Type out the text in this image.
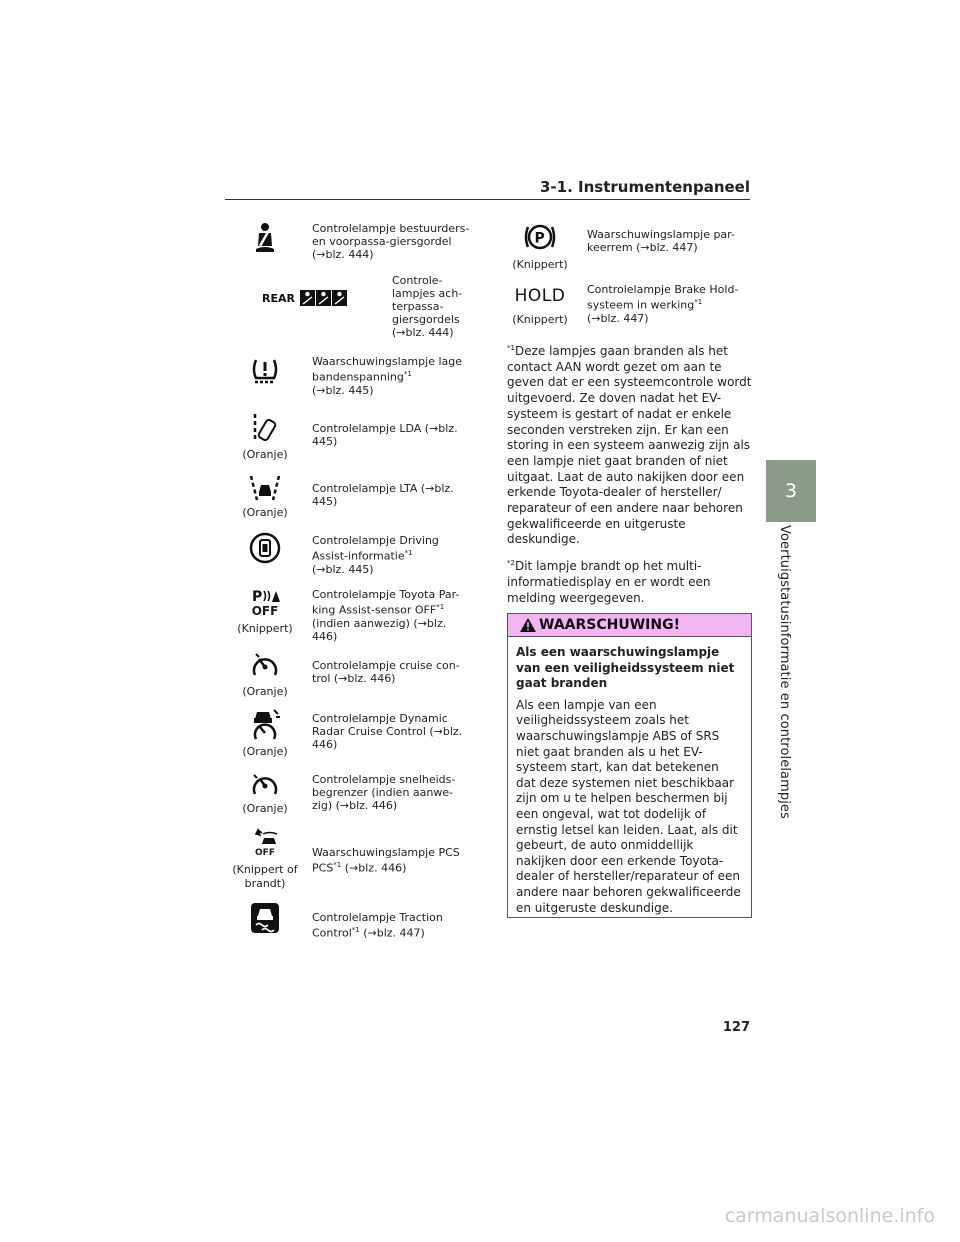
3-1. Instrumentenpaneel
Controlelampje bestuurders- en voorpassa-giersgordel (→blz. 444)
REAR
Controle-lampjes ach-terpassa-giersgordels (→blz. 444)
Waarschuwingslampje lage bandenspanning$^{*1}$
(→blz. 445)
(Oranje)
Controlelampje LDA (→blz. 445)
(Oranje)
Controlelampje LTA (→blz. 445)
Controlelampje Driving Assist-informatie$^{*1}$
(→blz. 445)
P
OFF
(Knippert)
Controlelampje Toyota Par-king Assist-sensor OFF$^{*1}$
(indien aanwezig) (→blz. 446)
(Oranje)
Controlelampje cruise con-trol (→blz. 446)
(Oranje)
Controlelampje Dynamic Radar Cruise Control (→blz. 446)
(Oranje)
Controlelampje snelheids-begrenzer (indien aanwe-zig) (→blz. 446)
OFF
(Knippert of brandt)
Waarschuwingslampje PCS
PCS$^{*1}$ (→blz. 446)
Controlelampje Traction Control$^{*1}$ (→blz. 447)
P
(Knippert)
Waarschuwingslampje par-keerrem (→blz. 447)
HOLD
(Knippert)
Controlelampje Brake Hold-systeem in werking$^{*1}$
(→blz. 447)
$^{*1}$Deze lampjes gaan branden als het contact AAN wordt gezet om aan te geven dat er een systeemcontrole wordt uitgevoerd. Ze doven nadat het EV-systeem is gestart of nadat er enkele seconden verstreken zijn. Er kan een storing in een systeem aanwezig zijn als een lampje niet gaat branden of niet uitgaat. Laat de auto nakijken door een erkende Toyota-dealer of hersteller/ reparateur of een andere naar behoren gekwalificeerde en uitgeruste deskundige.
$^{*2}$Dit lampje brandt op het multi-informatiedisplay en er wordt een melding weergegeven.
WAARSCHUWING!
Als een waarschuwingslampje van een veiligheidssysteem niet gaat branden
Als een lampje van een veiligheidssysteem zoals het waarschuwingslampje ABS of SRS niet gaat branden als u het EV-systeem start, kan dat betekenen dat deze systemen niet beschikbaar zijn om u te helpen beschermen bij een ongeval, wat tot dodelijk of ernstig letsel kan leiden. Laat, als dit gebeurt, de auto onmiddellijk nakijken door een erkende Toyota-dealer of hersteller/reparateur of een andere naar behoren gekwalificeerde en uitgeruste deskundige.
3
Voertuigstatusinformatie en controlelampjes
127
carmanualsonline.info
